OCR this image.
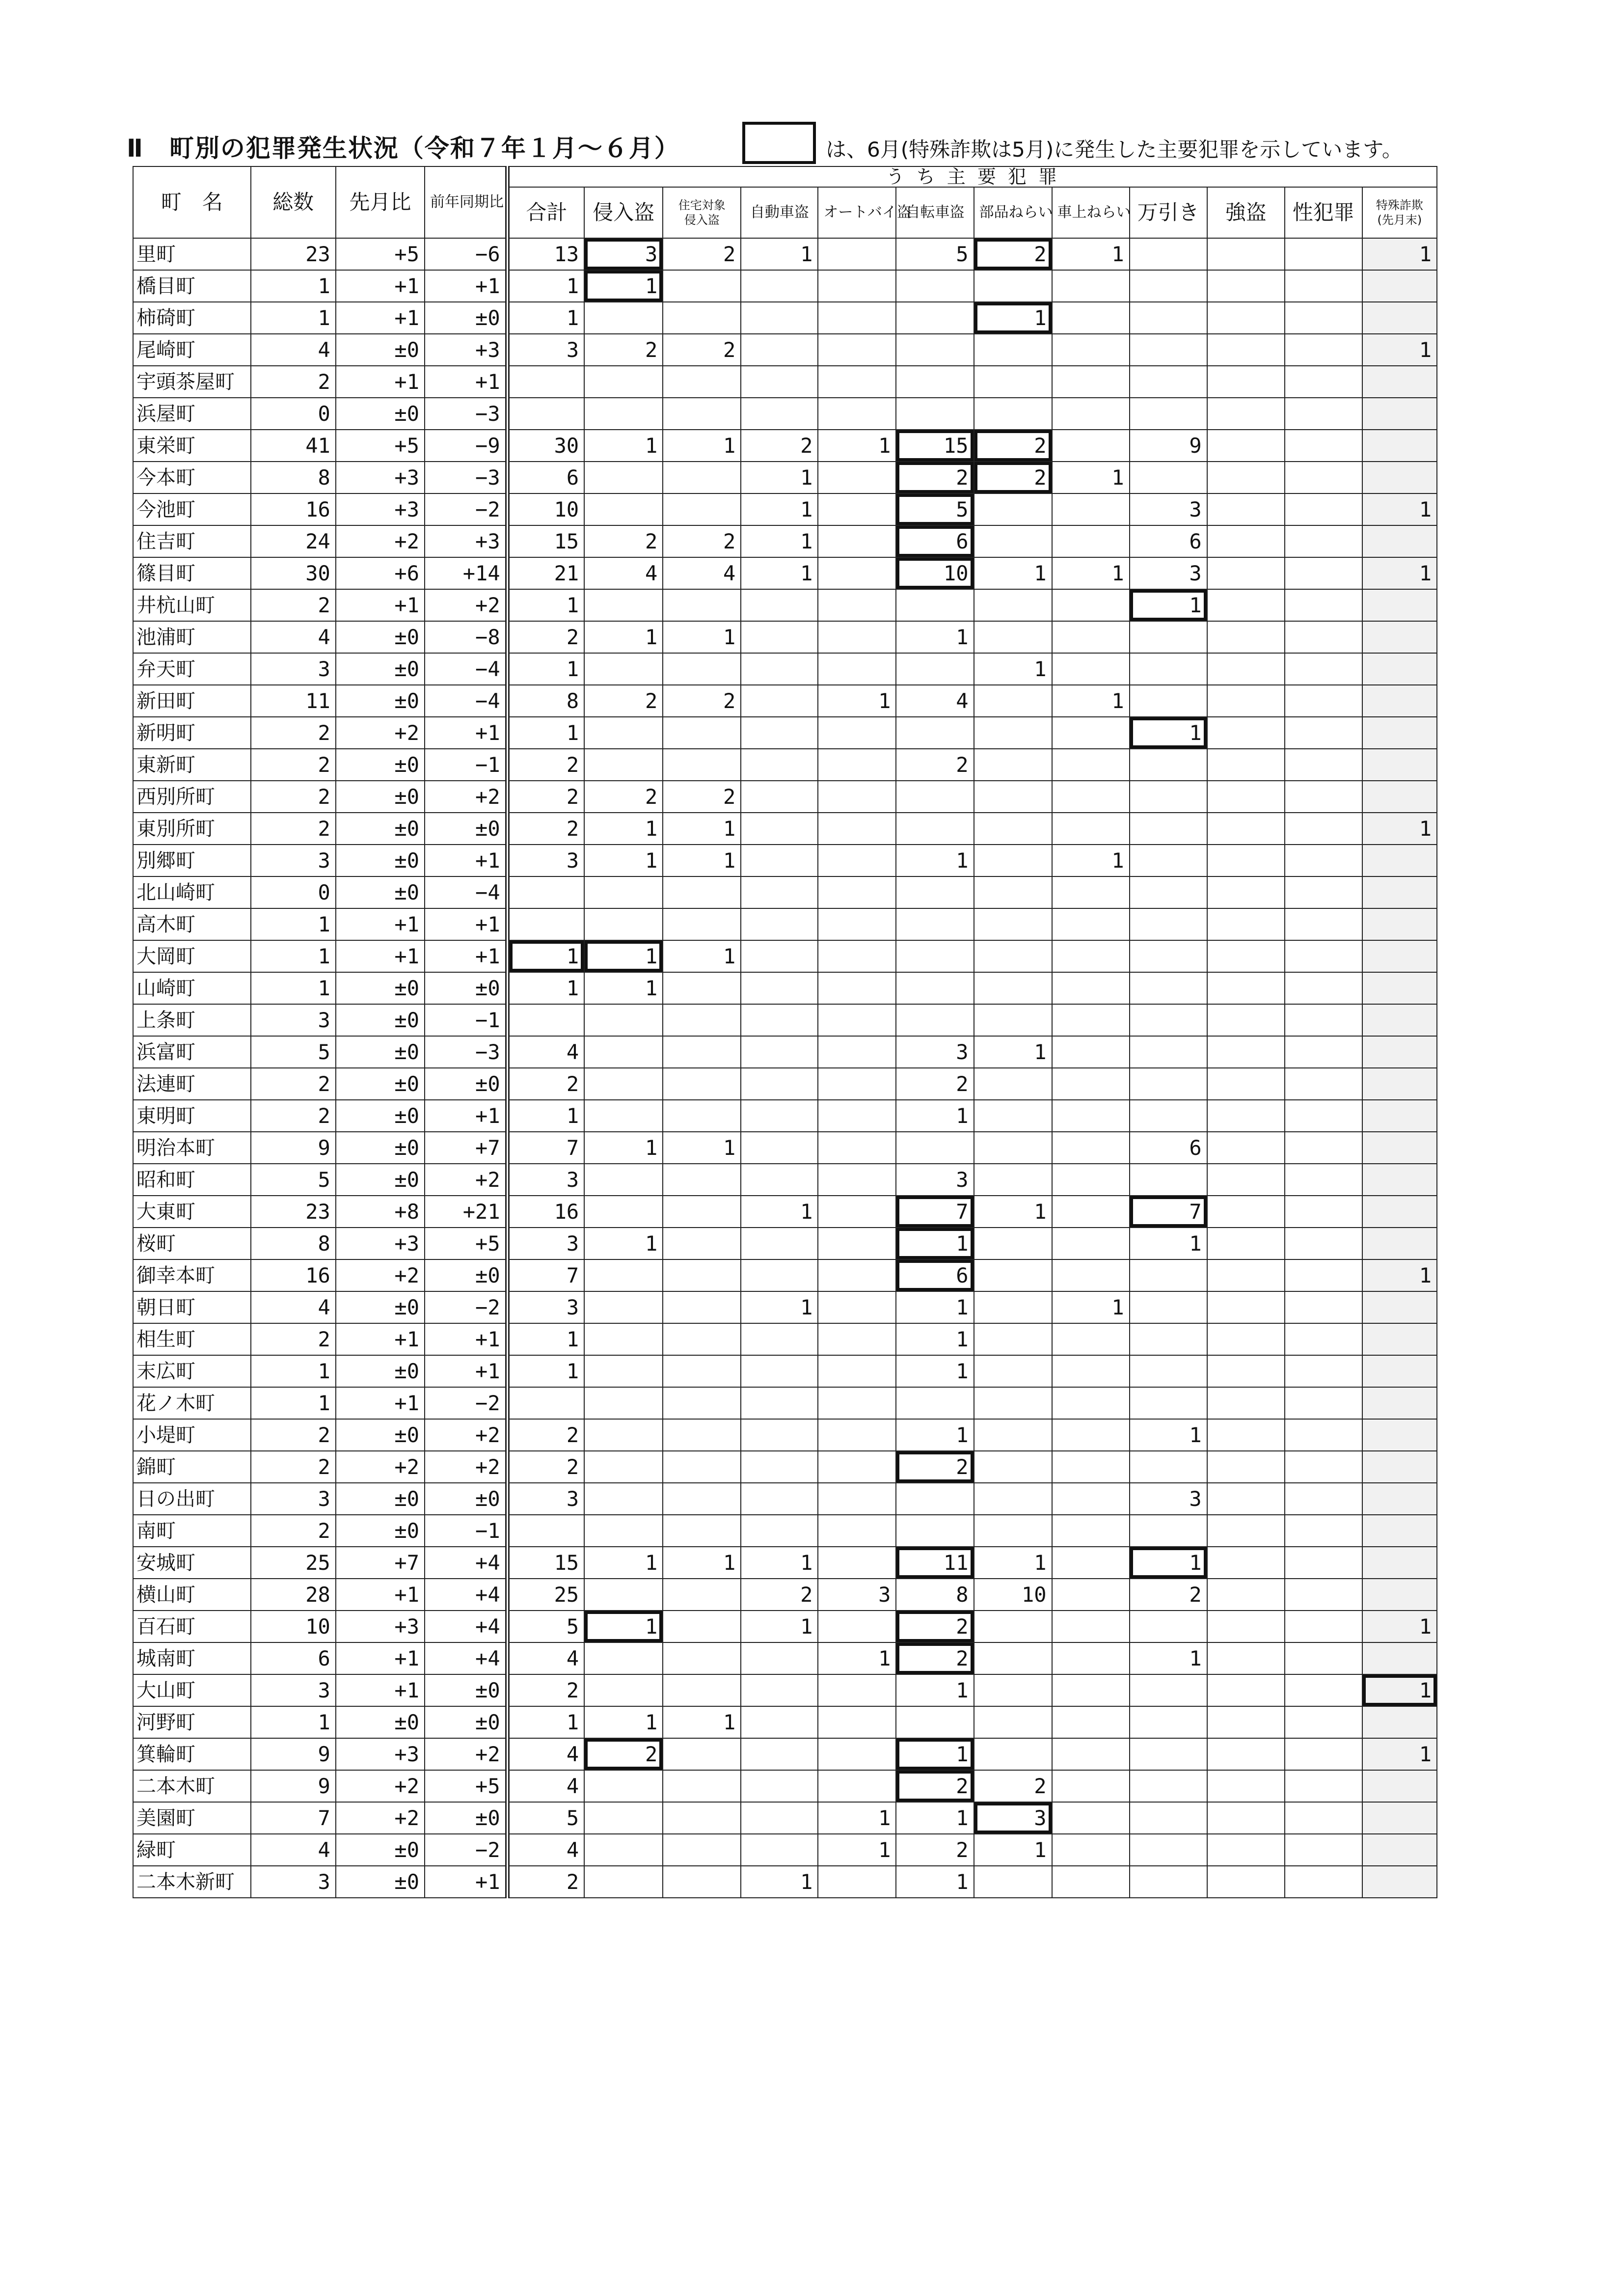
Ⅱ　町別の犯罪発生状況（令和７年１月～６月）	は、6月(特殊詐欺は5月)に発生した主要犯罪を示しています。
町　名	総数	先月比	前年同期比	う ち 主 要 犯 罪											
				合計	侵入盗	住宅対象
侵入盗	自動車盗	オートバイ盗	自転車盗	部品ねらい	車上ねらい	万引き	強盗	性犯罪	特殊詐欺
(先月末)
里町	23	+5	−6	13	3	2	1		5	2	1				1
橋目町	1	+1	+1	1	1										
柿碕町	1	+1	±0	1						1					
尾崎町	4	±0	+3	3	2	2									1
宇頭茶屋町	2	+1	+1												
浜屋町	0	±0	−3												
東栄町	41	+5	−9	30	1	1	2	1	15	2		9			
今本町	8	+3	−3	6			1		2	2	1				
今池町	16	+3	−2	10			1		5			3			1
住吉町	24	+2	+3	15	2	2	1		6			6			
篠目町	30	+6	+14	21	4	4	1		10	1	1	3			1
井杭山町	2	+1	+2	1								1			
池浦町	4	±0	−8	2	1	1			1						
弁天町	3	±0	−4	1						1					
新田町	11	±0	−4	8	2	2		1	4		1				
新明町	2	+2	+1	1								1			
東新町	2	±0	−1	2					2						
西別所町	2	±0	+2	2	2	2									
東別所町	2	±0	±0	2	1	1									1
別郷町	3	±0	+1	3	1	1			1		1				
北山崎町	0	±0	−4												
高木町	1	+1	+1												
大岡町	1	+1	+1	1	1	1									
山崎町	1	±0	±0	1	1										
上条町	3	±0	−1												
浜富町	5	±0	−3	4					3	1					
法連町	2	±0	±0	2					2						
東明町	2	±0	+1	1					1						
明治本町	9	±0	+7	7	1	1						6			
昭和町	5	±0	+2	3					3						
大東町	23	+8	+21	16			1		7	1		7			
桜町	8	+3	+5	3	1				1			1			
御幸本町	16	+2	±0	7					6						1
朝日町	4	±0	−2	3			1		1		1				
相生町	2	+1	+1	1					1						
末広町	1	±0	+1	1					1						
花ノ木町	1	+1	−2												
小堤町	2	±0	+2	2					1			1			
錦町	2	+2	+2	2					2						
日の出町	3	±0	±0	3								3			
南町	2	±0	−1												
安城町	25	+7	+4	15	1	1	1		11	1		1			
横山町	28	+1	+4	25			2	3	8	10		2			
百石町	10	+3	+4	5	1		1		2						1
城南町	6	+1	+4	4				1	2			1			
大山町	3	+1	±0	2					1						1
河野町	1	±0	±0	1	1	1									
箕輪町	9	+3	+2	4	2				1						1
二本木町	9	+2	+5	4					2	2					
美園町	7	+2	±0	5				1	1	3					
緑町	4	±0	−2	4				1	2	1					
二本木新町	3	±0	+1	2			1		1						
